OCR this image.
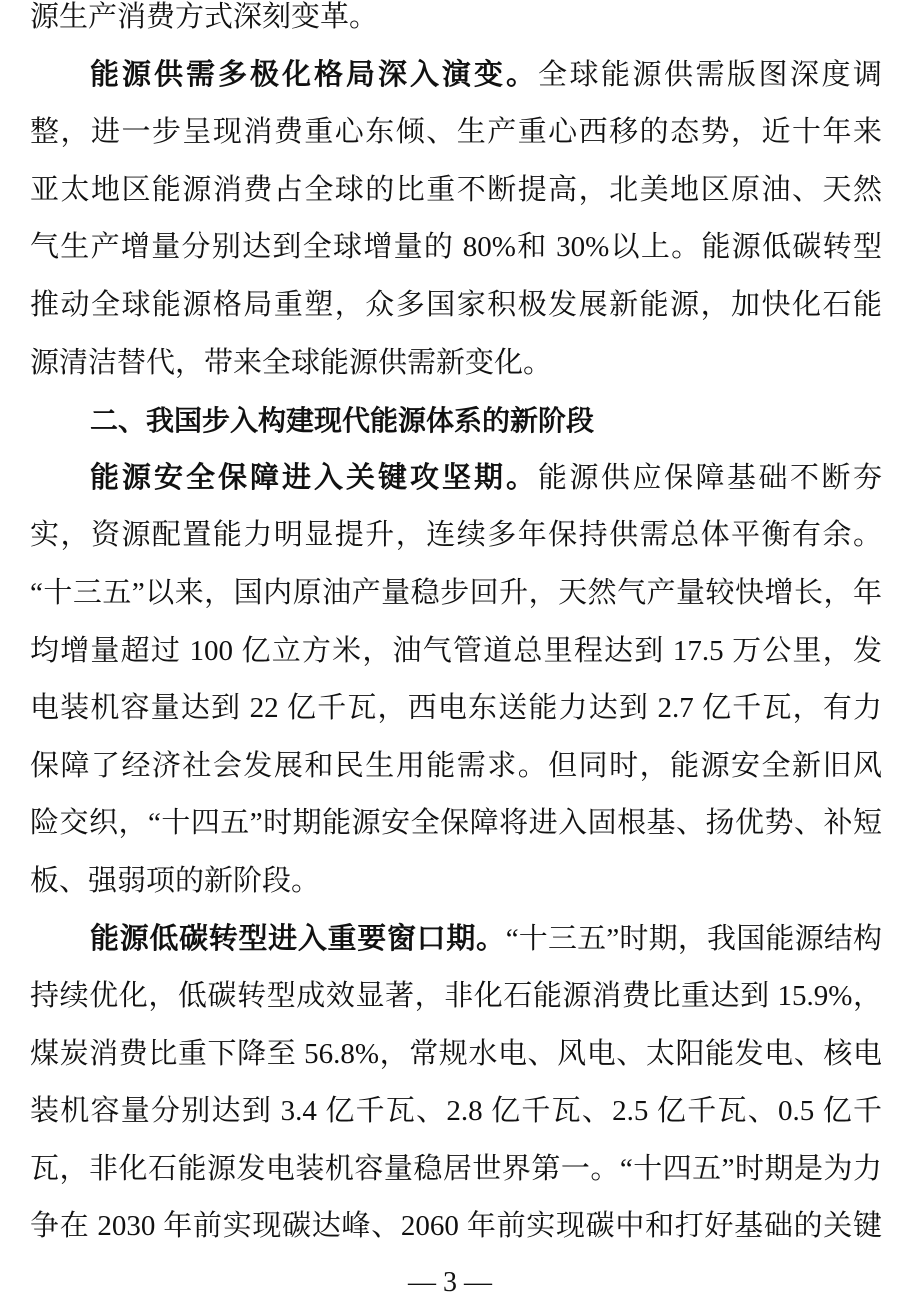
源生产消费方式深刻变革。
能源供需多极化格局深入演变。全球能源供需版图深度调
整，进一步呈现消费重心东倾、生产重心西移的态势，近十年来
亚太地区能源消费占全球的比重不断提高，北美地区原油、天然
气生产增量分别达到全球增量的 80%和 30%以上。能源低碳转型
推动全球能源格局重塑，众多国家积极发展新能源，加快化石能
源清洁替代，带来全球能源供需新变化。
二、我国步入构建现代能源体系的新阶段
能源安全保障进入关键攻坚期。能源供应保障基础不断夯
实，资源配置能力明显提升，连续多年保持供需总体平衡有余。
“十三五”以来，国内原油产量稳步回升，天然气产量较快增长，年
均增量超过 100 亿立方米，油气管道总里程达到 17.5 万公里，发
电装机容量达到 22 亿千瓦，西电东送能力达到 2.7 亿千瓦，有力
保障了经济社会发展和民生用能需求。但同时，能源安全新旧风
险交织，“十四五”时期能源安全保障将进入固根基、扬优势、补短
板、强弱项的新阶段。
能源低碳转型进入重要窗口期。“十三五”时期，我国能源结构
持续优化，低碳转型成效显著，非化石能源消费比重达到 15.9%，
煤炭消费比重下降至 56.8%，常规水电、风电、太阳能发电、核电
装机容量分别达到 3.4 亿千瓦、2.8 亿千瓦、2.5 亿千瓦、0.5 亿千
瓦，非化石能源发电装机容量稳居世界第一。“十四五”时期是为力
争在 2030 年前实现碳达峰、2060 年前实现碳中和打好基础的关键
— 3 —
